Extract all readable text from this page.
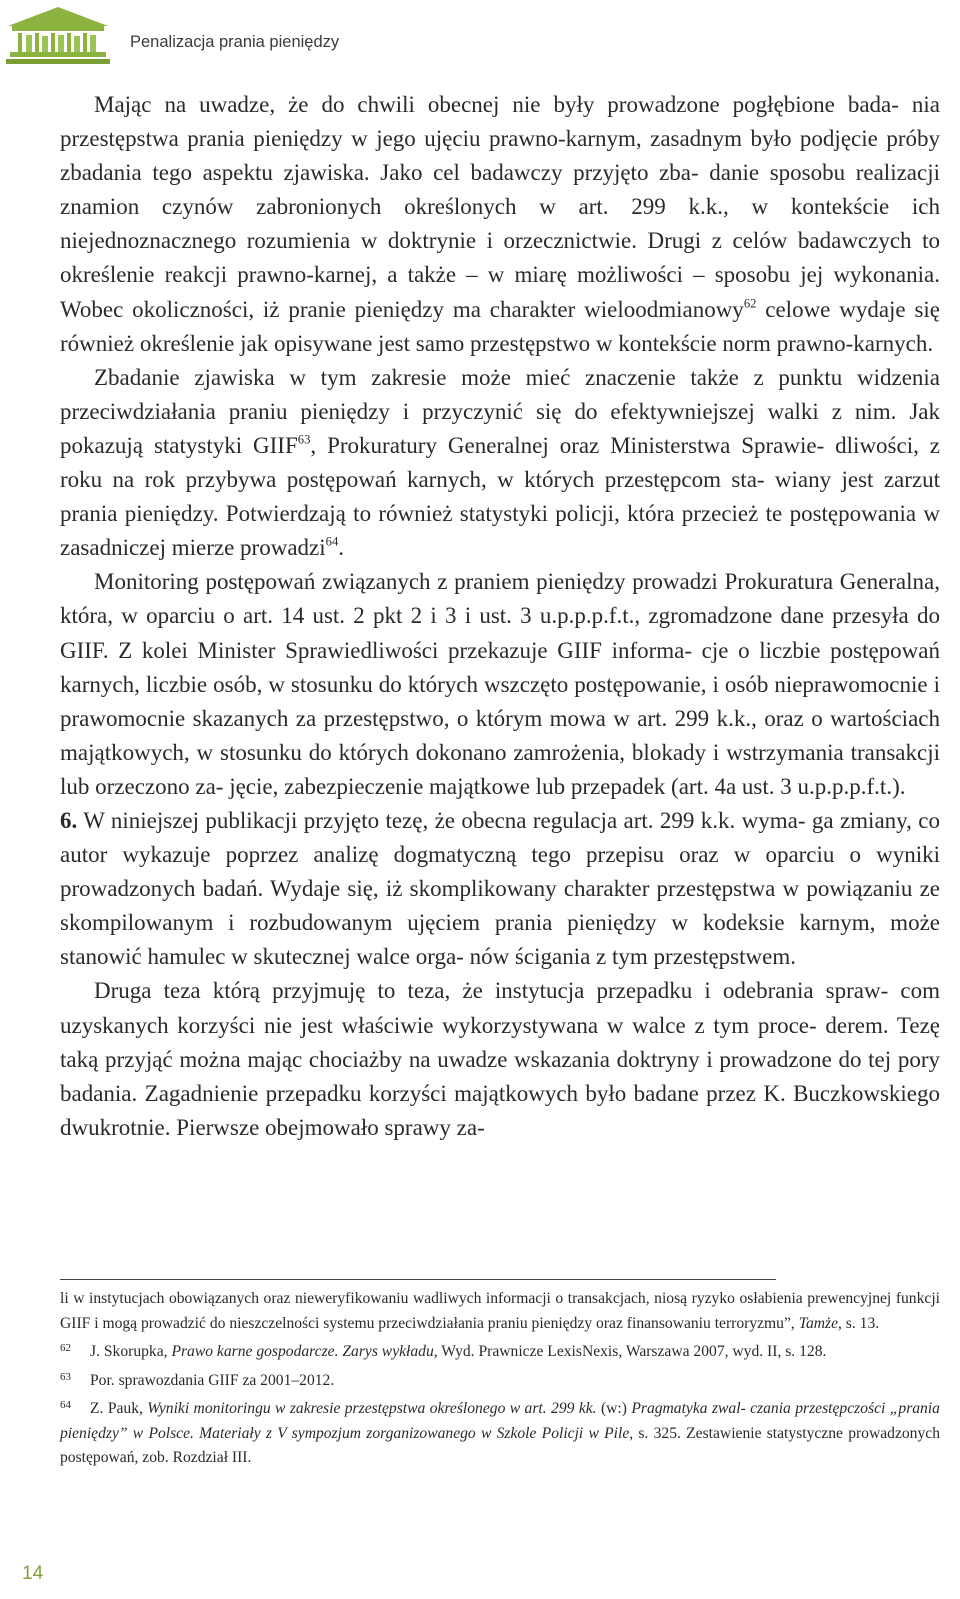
Penalizacja prania pieniędzy

Mając na uwadze, że do chwili obecnej nie były prowadzone pogłębione bada- nia przestępstwa prania pieniędzy w jego ujęciu prawno-karnym, zasadnym było podjęcie próby zbadania tego aspektu zjawiska. Jako cel badawczy przyjęto zba- danie sposobu realizacji znamion czynów zabronionych określonych w art. 299 k.k., w kontekście ich niejednoznacznego rozumienia w doktrynie i orzecznictwie. Drugi z celów badawczych to określenie reakcji prawno-karnej, a także – w miarę możliwości – sposobu jej wykonania. Wobec okoliczności, iż pranie pieniędzy ma charakter wieloodmianowy$^{62}$ celowe wydaje się również określenie jak opisywane jest samo przestępstwo w kontekście norm prawno-karnych.

Zbadanie zjawiska w tym zakresie może mieć znaczenie także z punktu widzenia przeciwdziałania praniu pieniędzy i przyczynić się do efektywniejszej walki z nim. Jak pokazują statystyki GIIF$^{63}$, Prokuratury Generalnej oraz Ministerstwa Sprawie- dliwości, z roku na rok przybywa postępowań karnych, w których przestępcom sta- wiany jest zarzut prania pieniędzy. Potwierdzają to również statystyki policji, która przecież te postępowania w zasadniczej mierze prowadzi$^{64}$.

Monitoring postępowań związanych z praniem pieniędzy prowadzi Prokuratura Generalna, która, w oparciu o art. 14 ust. 2 pkt 2 i 3 i ust. 3 u.p.p.p.f.t., zgromadzone dane przesyła do GIIF. Z kolei Minister Sprawiedliwości przekazuje GIIF informa- cje o liczbie postępowań karnych, liczbie osób, w stosunku do których wszczęto postępowanie, i osób nieprawomocnie i prawomocnie skazanych za przestępstwo, o którym mowa w art. 299 k.k., oraz o wartościach majątkowych, w stosunku do których dokonano zamrożenia, blokady i wstrzymania transakcji lub orzeczono za- jęcie, zabezpieczenie majątkowe lub przepadek (art. 4a ust. 3 u.p.p.p.f.t.).

6. W niniejszej publikacji przyjęto tezę, że obecna regulacja art. 299 k.k. wyma- ga zmiany, co autor wykazuje poprzez analizę dogmatyczną tego przepisu oraz w oparciu o wyniki prowadzonych badań. Wydaje się, iż skomplikowany charakter przestępstwa w powiązaniu ze skompilowanym i rozbudowanym ujęciem prania pieniędzy w kodeksie karnym, może stanowić hamulec w skutecznej walce orga- nów ścigania z tym przestępstwem.

Druga teza którą przyjmuję to teza, że instytucja przepadku i odebrania spraw- com uzyskanych korzyści nie jest właściwie wykorzystywana w walce z tym proce- derem. Tezę taką przyjąć można mając chociażby na uwadze wskazania doktryny i prowadzone do tej pory badania. Zagadnienie przepadku korzyści majątkowych było badane przez K. Buczkowskiego dwukrotnie. Pierwsze obejmowało sprawy za-

li w instytucjach obowiązanych oraz nieweryfikowaniu wadliwych informacji o transakcjach, niosą ryzyko osłabienia prewencyjnej funkcji GIIF i mogą prowadzić do nieszczelności systemu przeciwdziałania praniu pieniędzy oraz finansowaniu terroryzmu”, Tamże, s. 13.

62 J. Skorupka, Prawo karne gospodarcze. Zarys wykładu, Wyd. Prawnicze LexisNexis, Warszawa 2007, wyd. II, s. 128.

63 Por. sprawozdania GIIF za 2001–2012.

64 Z. Pauk, Wyniki monitoringu w zakresie przestępstwa określonego w art. 299 kk. (w:) Pragmatyka zwal- czania przestępczości „prania pieniędzy” w Polsce. Materiały z V sympozjum zorganizowanego w Szkole Policji w Pile, s. 325. Zestawienie statystyczne prowadzonych postępowań, zob. Rozdział III.

14
